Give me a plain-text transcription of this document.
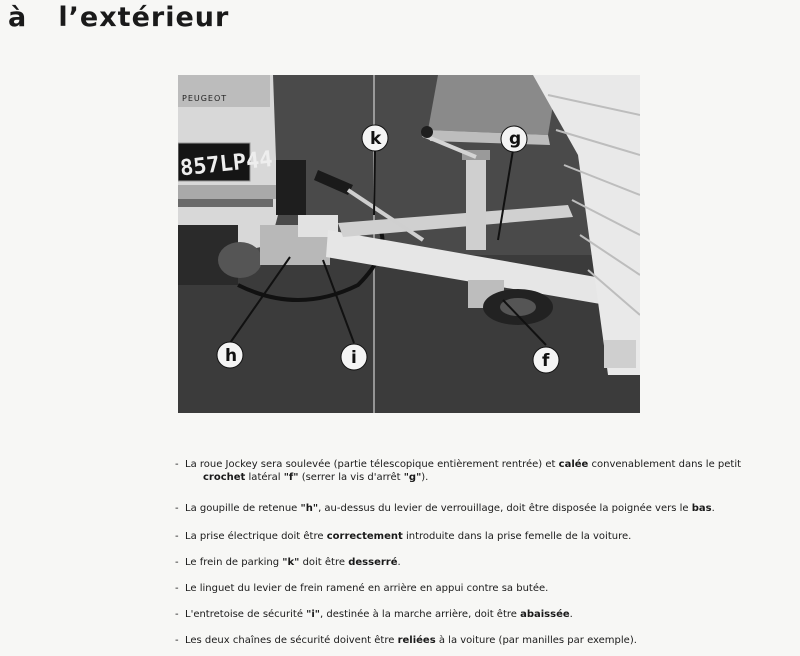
à   l’extérieur
PEUGEOT
857LP44
k	g
h	i	f
- La roue Jockey sera soulevée (partie télescopique entièrement rentrée) et calée convenablement dans le petit
crochet latéral "f" (serrer la vis d'arrêt "g").
- La goupille de retenue "h", au-dessus du levier de verrouillage, doit être disposée la poignée vers le bas.
- La prise électrique doit être correctement introduite dans la prise femelle de la voiture.
- Le frein de parking "k" doit être desserré.
- Le linguet du levier de frein ramené en arrière en appui contre sa butée.
- L'entretoise de sécurité "i", destinée à la marche arrière, doit être abaissée.
- Les deux chaînes de sécurité doivent être reliées à la voiture (par manilles par exemple).
